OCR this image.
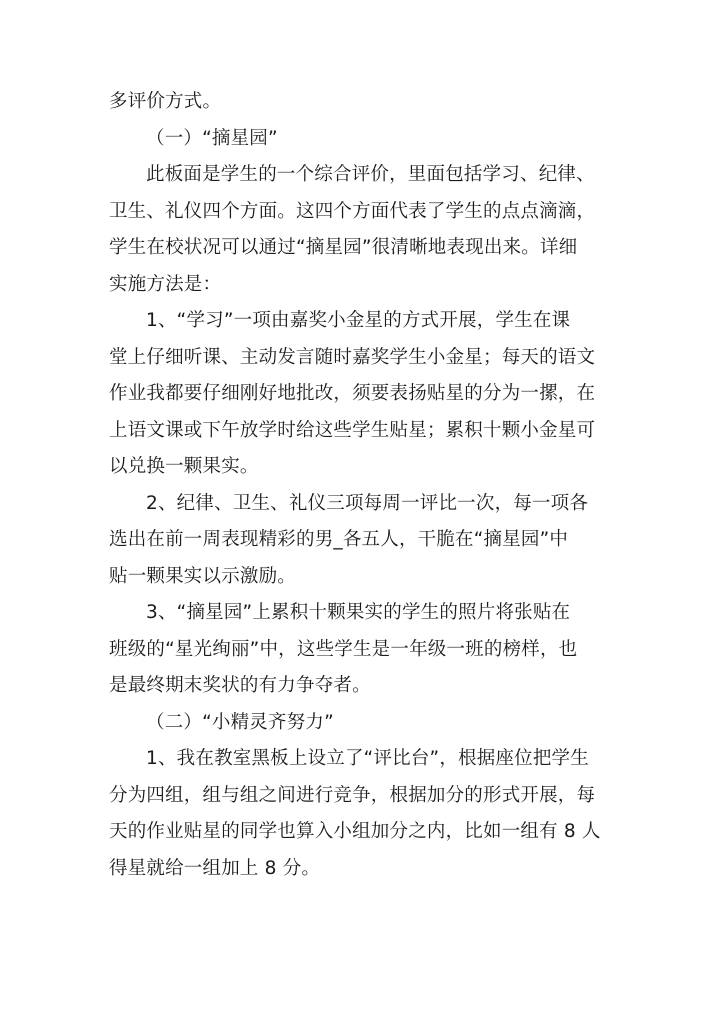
多评价方式。
（一）“摘星园”
此板面是学生的一个综合评价，里面包括学习、纪律、
卫生、礼仪四个方面。这四个方面代表了学生的点点滴滴，
学生在校状况可以通过“摘星园”很清晰地表现出来。详细
实施方法是：
1、“学习”一项由嘉奖小金星的方式开展，学生在课
堂上仔细听课、主动发言随时嘉奖学生小金星；每天的语文
作业我都要仔细刚好地批改，须要表扬贴星的分为一摞，在
上语文课或下午放学时给这些学生贴星；累积十颗小金星可
以兑换一颗果实。
2、纪律、卫生、礼仪三项每周一评比一次，每一项各
选出在前一周表现精彩的男_各五人，干脆在“摘星园”中
贴一颗果实以示激励。
3、“摘星园”上累积十颗果实的学生的照片将张贴在
班级的“星光绚丽”中，这些学生是一年级一班的榜样，也
是最终期末奖状的有力争夺者。
（二）“小精灵齐努力”
1、我在教室黑板上设立了“评比台”，根据座位把学生
分为四组，组与组之间进行竞争，根据加分的形式开展，每
天的作业贴星的同学也算入小组加分之内，比如一组有 8 人
得星就给一组加上 8 分。
